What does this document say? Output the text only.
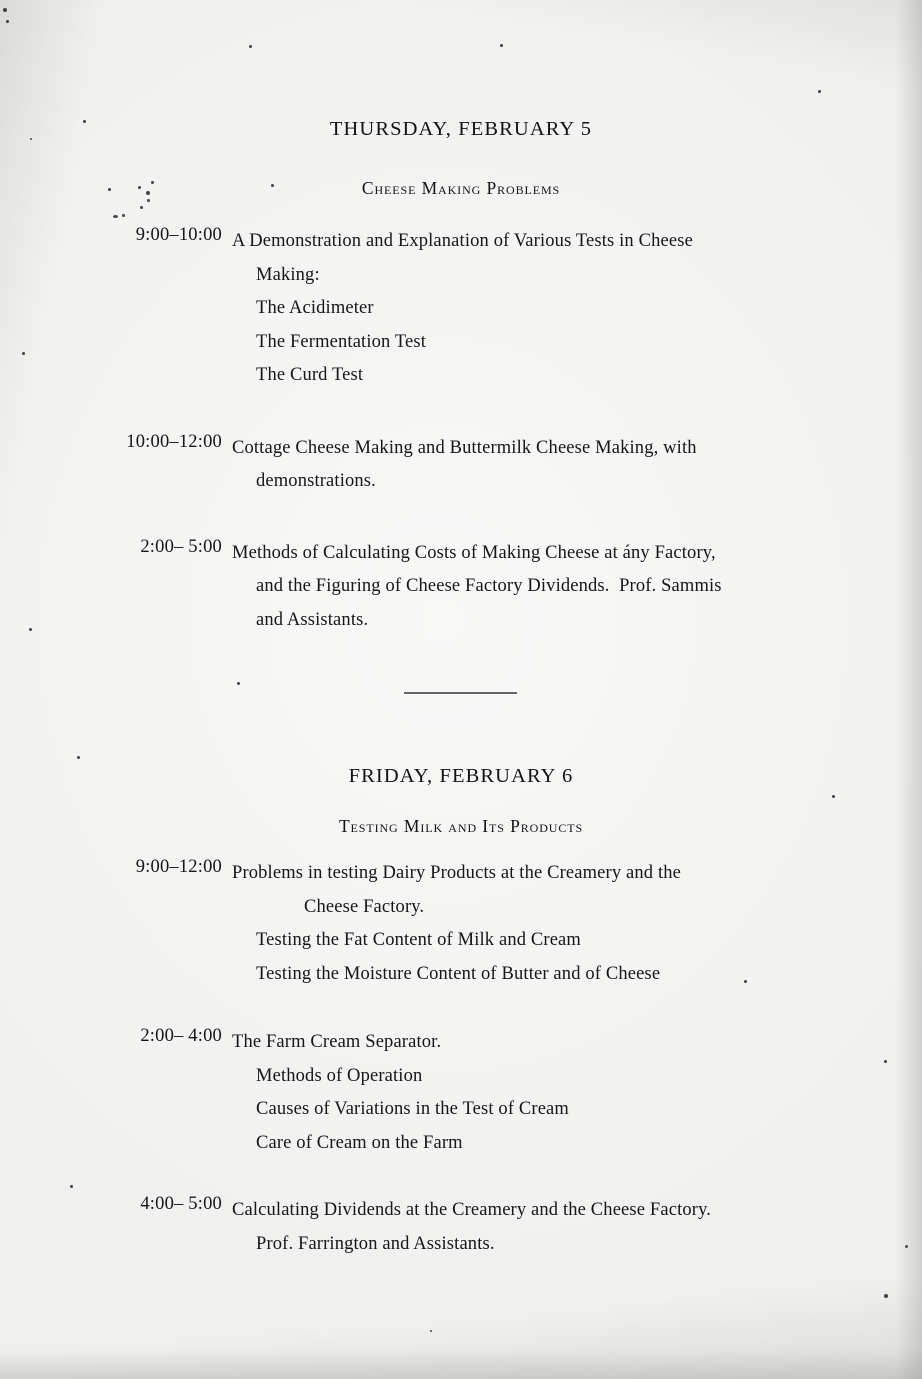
THURSDAY, FEBRUARY 5
Cheese Making Problems
9:00–10:00 A Demonstration and Explanation of Various Tests in Cheese
Making:
The Acidimeter
The Fermentation Test
The Curd Test
10:00–12:00 Cottage Cheese Making and Buttermilk Cheese Making, with
demonstrations.
2:00– 5:00 Methods of Calculating Costs of Making Cheese at ány Factory,
and the Figuring of Cheese Factory Dividends.  Prof. Sammis
and Assistants.
FRIDAY, FEBRUARY 6
Testing Milk and Its Products
9:00–12:00 Problems in testing Dairy Products at the Creamery and the
Cheese Factory.
Testing the Fat Content of Milk and Cream
Testing the Moisture Content of Butter and of Cheese
2:00– 4:00 The Farm Cream Separator.
Methods of Operation
Causes of Variations in the Test of Cream
Care of Cream on the Farm
4:00– 5:00 Calculating Dividends at the Creamery and the Cheese Factory.
Prof. Farrington and Assistants.
